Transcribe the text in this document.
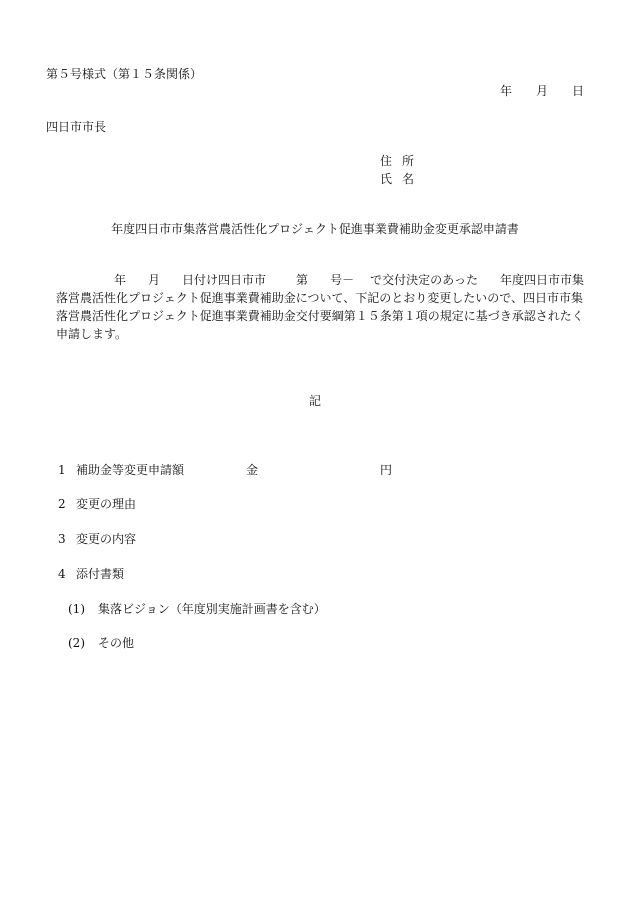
第５号様式（第１５条関係）
年 月 日
四日市市長
住 所
氏 名
年度四日市市集落営農活性化プロジェクト促進事業費補助金変更承認申請書
年 月 日付け四日市市	第 号－ で交付決定のあった 年度四日市市集落営農活性化プロジェクト促進事業費補助金について、下記のとおり変更したいので、四日市市集落営農活性化プロジェクト促進事業費補助金交付要綱第１５条第１項の規定に基づき承認されたく申請します。
記
1 補助金等変更申請額	金	円
2 変更の理由
3 変更の内容
4 添付書類
(1) 集落ビジョン（年度別実施計画書を含む）
(2) その他
